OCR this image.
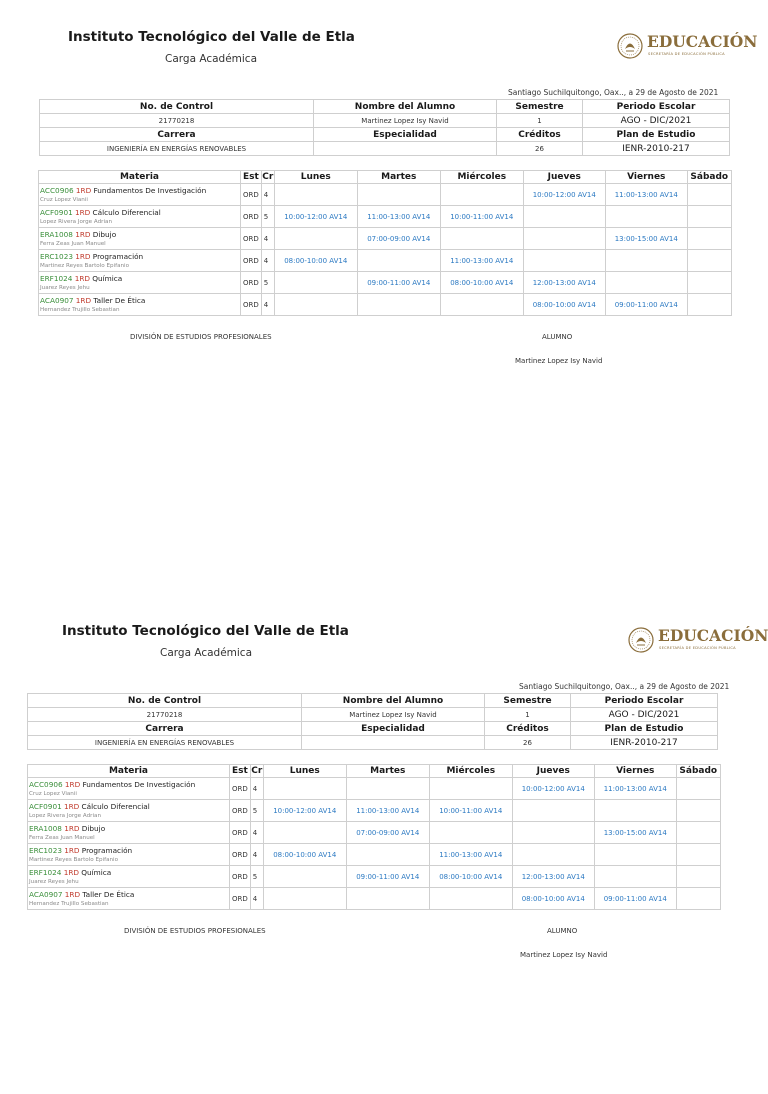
Instituto Tecnológico del Valle de Etla
Carga Académica
EDUCACIÓN
SECRETARÍA DE EDUCACIÓN PÚBLICA
Santiago Suchilquitongo, Oax.., a 29 de Agosto de 2021
No. de Control	Nombre del Alumno	Semestre	Periodo Escolar
21770218	Martinez Lopez Isy Navid	1	AGO - DIC/2021
Carrera	Especialidad	Créditos	Plan de Estudio
INGENIERÍA EN ENERGÍAS RENOVABLES		26	IENR-2010-217
Materia	Est	Cr	Lunes	Martes	Miércoles	Jueves	Viernes	Sábado
ACC0906 1RD Fundamentos De Investigación
Cruz Lopez Vianii	ORD	4				10:00-12:00 AV14	11:00-13:00 AV14	
ACF0901 1RD Cálculo Diferencial
Lopez Rivera Jorge Adrian	ORD	5	10:00-12:00 AV14	11:00-13:00 AV14	10:00-11:00 AV14			
ERA1008 1RD Dibujo
Ferra Zeas Juan Manuel	ORD	4		07:00-09:00 AV14			13:00-15:00 AV14	
ERC1023 1RD Programación
Martinez Reyes Bartolo Epifanio	ORD	4	08:00-10:00 AV14		11:00-13:00 AV14			
ERF1024 1RD Química
Juarez Reyes Jehu	ORD	5		09:00-11:00 AV14	08:00-10:00 AV14	12:00-13:00 AV14		
ACA0907 1RD Taller De Ética
Hernandez Trujillo Sebastian	ORD	4				08:00-10:00 AV14	09:00-11:00 AV14	
DIVISIÓN DE ESTUDIOS PROFESIONALES	ALUMNO
Martinez Lopez Isy Navid
Instituto Tecnológico del Valle de Etla
Carga Académica
EDUCACIÓN
SECRETARÍA DE EDUCACIÓN PÚBLICA
Santiago Suchilquitongo, Oax.., a 29 de Agosto de 2021
No. de Control	Nombre del Alumno	Semestre	Periodo Escolar
21770218	Martinez Lopez Isy Navid	1	AGO - DIC/2021
Carrera	Especialidad	Créditos	Plan de Estudio
INGENIERÍA EN ENERGÍAS RENOVABLES		26	IENR-2010-217
Materia	Est	Cr	Lunes	Martes	Miércoles	Jueves	Viernes	Sábado
ACC0906 1RD Fundamentos De Investigación
Cruz Lopez Vianii	ORD	4				10:00-12:00 AV14	11:00-13:00 AV14	
ACF0901 1RD Cálculo Diferencial
Lopez Rivera Jorge Adrian	ORD	5	10:00-12:00 AV14	11:00-13:00 AV14	10:00-11:00 AV14			
ERA1008 1RD Dibujo
Ferra Zeas Juan Manuel	ORD	4		07:00-09:00 AV14			13:00-15:00 AV14	
ERC1023 1RD Programación
Martinez Reyes Bartolo Epifanio	ORD	4	08:00-10:00 AV14		11:00-13:00 AV14			
ERF1024 1RD Química
Juarez Reyes Jehu	ORD	5		09:00-11:00 AV14	08:00-10:00 AV14	12:00-13:00 AV14		
ACA0907 1RD Taller De Ética
Hernandez Trujillo Sebastian	ORD	4				08:00-10:00 AV14	09:00-11:00 AV14	
DIVISIÓN DE ESTUDIOS PROFESIONALES	ALUMNO
Martinez Lopez Isy Navid
